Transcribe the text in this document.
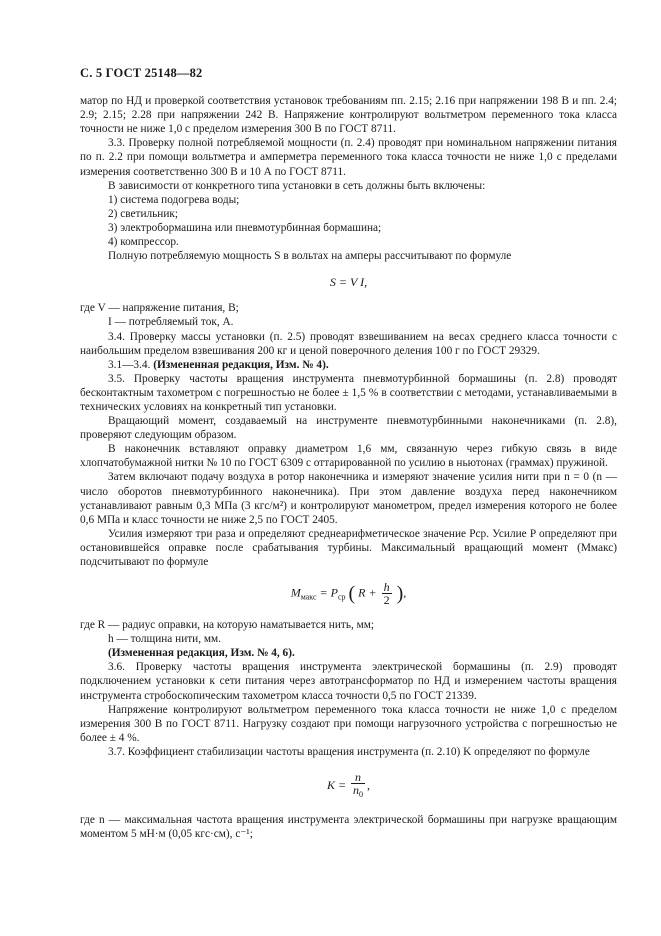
С. 5 ГОСТ 25148—82

матор по НД и проверкой соответствия установок требованиям пп. 2.15; 2.16 при напряжении 198 В и пп. 2.4; 2.9; 2.15; 2.28 при напряжении 242 В. Напряжение контролируют вольтметром переменного тока класса точности не ниже 1,0 с пределом измерения 300 В по ГОСТ 8711.

3.3. Проверку полной потребляемой мощности (п. 2.4) проводят при номинальном напряжении питания по п. 2.2 при помощи вольтметра и амперметра переменного тока класса точности не ниже 1,0 с пределами измерения соответственно 300 В и 10 А по ГОСТ 8711.

В зависимости от конкретного типа установки в сеть должны быть включены:

1) система подогрева воды;

2) светильник;

3) электробормашина или пневмотурбинная бормашина;

4) компрессор.

Полную потребляемую мощность S в вольтах на амперы рассчитывают по формуле

S = V I,

где V — напряжение питания, В;

I — потребляемый ток, А.

3.4. Проверку массы установки (п. 2.5) проводят взвешиванием на весах среднего класса точности с наибольшим пределом взвешивания 200 кг и ценой поверочного деления 100 г по ГОСТ 29329.

3.1—3.4. (Измененная редакция, Изм. № 4).

3.5. Проверку частоты вращения инструмента пневмотурбинной бормашины (п. 2.8) проводят бесконтактным тахометром с погрешностью не более ± 1,5 % в соответствии с методами, устанавливаемыми в технических условиях на конкретный тип установки.

Вращающий момент, создаваемый на инструменте пневмотурбинными наконечниками (п. 2.8), проверяют следующим образом.

В наконечник вставляют оправку диаметром 1,6 мм, связанную через гибкую связь в виде хлопчатобумажной нитки № 10 по ГОСТ 6309 с оттарированной по усилию в ньютонах (граммах) пружиной.

Затем включают подачу воздуха в ротор наконечника и измеряют значение усилия нити при n = 0 (n — число оборотов пневмотурбинного наконечника). При этом давление воздуха перед наконечником устанавливают равным 0,3 МПа (3 кгс/м²) и контролируют манометром, предел измерения которого не более 0,6 МПа и класс точности не ниже 2,5 по ГОСТ 2405.

Усилия измеряют три раза и определяют среднеарифметическое значение Pср. Усилие P определяют при остановившейся оправке после срабатывания турбины. Максимальный вращающий момент (Mмакс) подсчитывают по формуле

$M_{макс} = P_{ср}$ ( $R + \frac{h}{2}$ ),

где R — радиус оправки, на которую наматывается нить, мм;

h — толщина нити, мм.

(Измененная редакция, Изм. № 4, 6).

3.6. Проверку частоты вращения инструмента электрической бормашины (п. 2.9) проводят подключением установки к сети питания через автотрансформатор по НД и измерением частоты вращения инструмента стробоскопическим тахометром класса точности 0,5 по ГОСТ 21339.

Напряжение контролируют вольтметром переменного тока класса точности не ниже 1,0 с пределом измерения 300 В по ГОСТ 8711. Нагрузку создают при помощи нагрузочного устройства с погрешностью не более ± 4 %.

3.7. Коэффициент стабилизации частоты вращения инструмента (п. 2.10) K определяют по формуле

$K = \frac{n}{n_0}$ ,

где n — максимальная частота вращения инструмента электрической бормашины при нагрузке вращающим моментом 5 мН·м (0,05 кгс·см), с⁻¹;
